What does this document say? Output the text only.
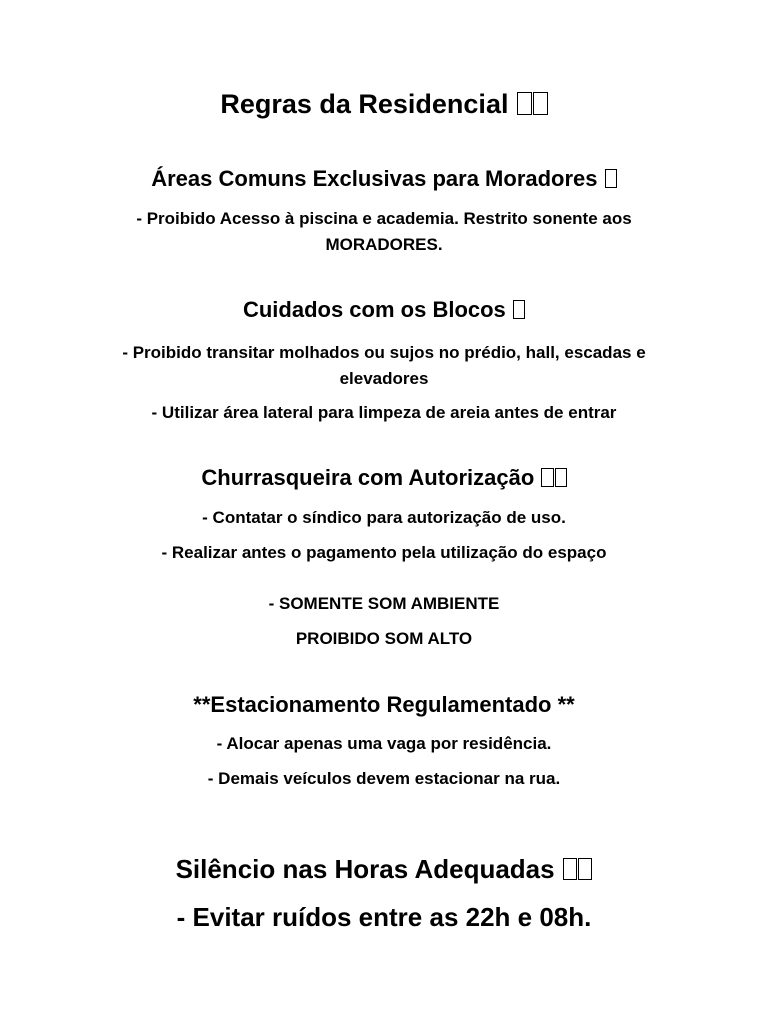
Regras da Residencial
Áreas Comuns Exclusivas para Moradores
- Proibido Acesso à piscina e academia. Restrito sonente aos MORADORES.
Cuidados com os Blocos
- Proibido transitar molhados ou sujos no prédio, hall, escadas e elevadores
- Utilizar área lateral para limpeza de areia antes de entrar
Churrasqueira com Autorização
- Contatar o síndico para autorização de uso.
- Realizar antes o pagamento pela utilização do espaço
- SOMENTE SOM AMBIENTE
PROIBIDO SOM ALTO
**Estacionamento Regulamentado **
- Alocar apenas uma vaga por residência.
- Demais veículos devem estacionar na rua.
Silêncio nas Horas Adequadas
- Evitar ruídos entre as 22h e 08h.
